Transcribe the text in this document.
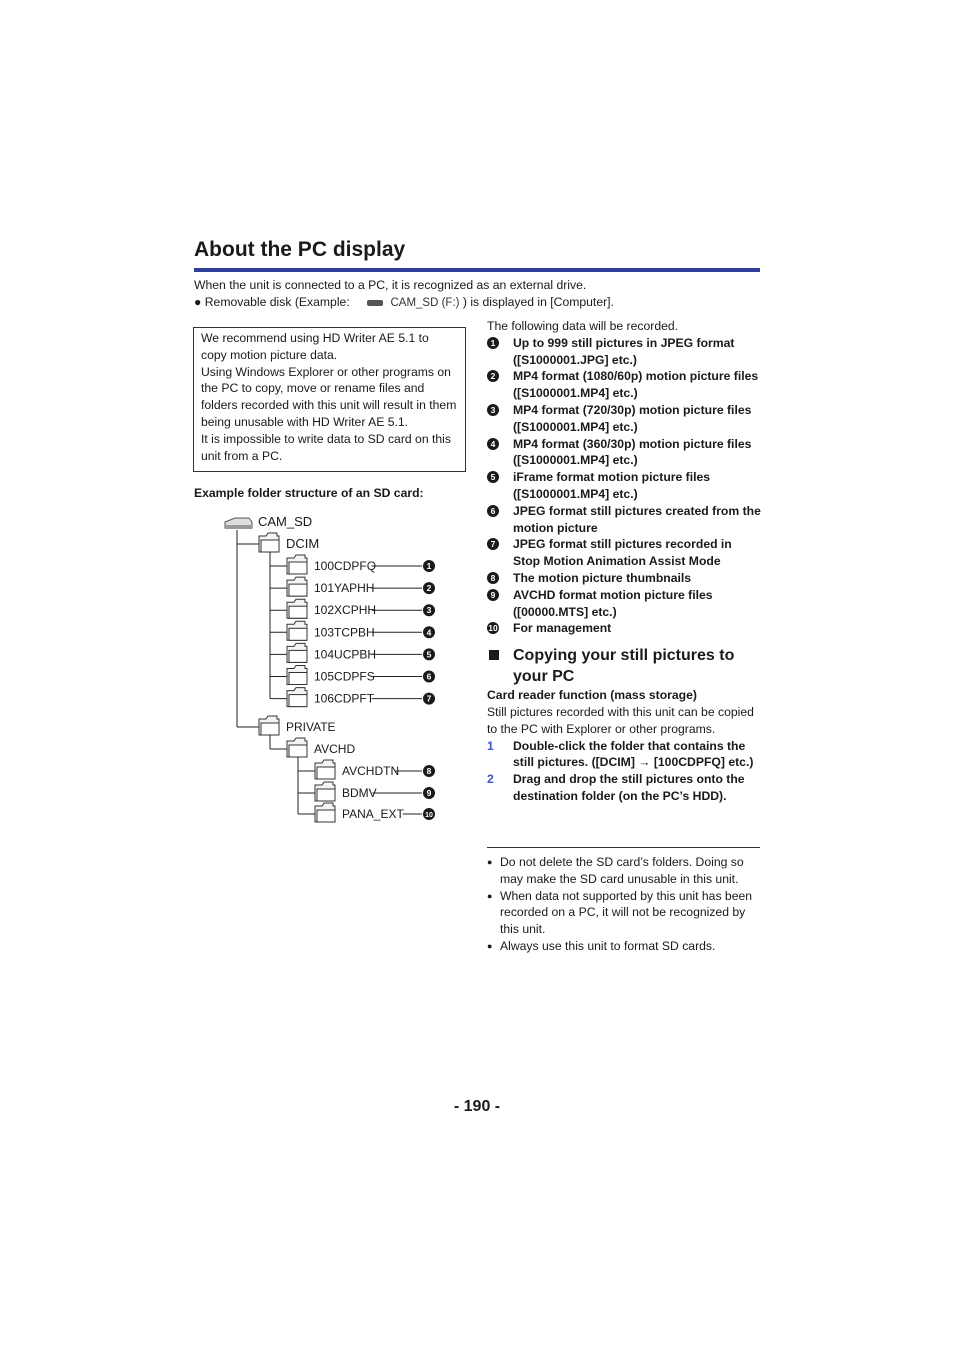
About the PC display

When the unit is connected to a PC, it is recognized as an external drive.

● Removable disk (Example:	CAM_SD (F:) ) is displayed in [Computer].

We recommend using HD Writer AE 5.1 to copy motion picture data.

Using Windows Explorer or other programs on the PC to copy, move or rename files and folders recorded with this unit will result in them being unusable with HD Writer AE 5.1.

It is impossible to write data to SD card on this unit from a PC.

Example folder structure of an SD card:
CAM_SD
DCIM
100CDPFQ	1
101YAPHH	2
102XCPHH	3
103TCPBH	4
104UCPBH	5
105CDPFS	6
106CDPFT	7
PRIVATE
AVCHD
AVCHDTN	8
BDMV	9
PANA_EXT	10

The following data will be recorded.

1 Up to 999 still pictures in JPEG format ([S1000001.JPG] etc.)
2 MP4 format (1080/60p) motion picture files ([S1000001.MP4] etc.)
3 MP4 format (720/30p) motion picture files ([S1000001.MP4] etc.)
4 MP4 format (360/30p) motion picture files ([S1000001.MP4] etc.)
5 iFrame format motion picture files ([S1000001.MP4] etc.)
6 JPEG format still pictures created from the motion picture
7 JPEG format still pictures recorded in Stop Motion Animation Assist Mode
8 The motion picture thumbnails
9 AVCHD format motion picture files ([00000.MTS] etc.)
10 For management
Copying your still pictures to your PC

Card reader function (mass storage)

Still pictures recorded with this unit can be copied to the PC with Explorer or other programs.

1 Double-click the folder that contains the still pictures. ([DCIM] → [100CDPFQ] etc.)
2 Drag and drop the still pictures onto the destination folder (on the PC’s HDD).
● Do not delete the SD card’s folders. Doing so may make the SD card unusable in this unit.
● When data not supported by this unit has been recorded on a PC, it will not be recognized by this unit.
● Always use this unit to format SD cards.
- 190 -
